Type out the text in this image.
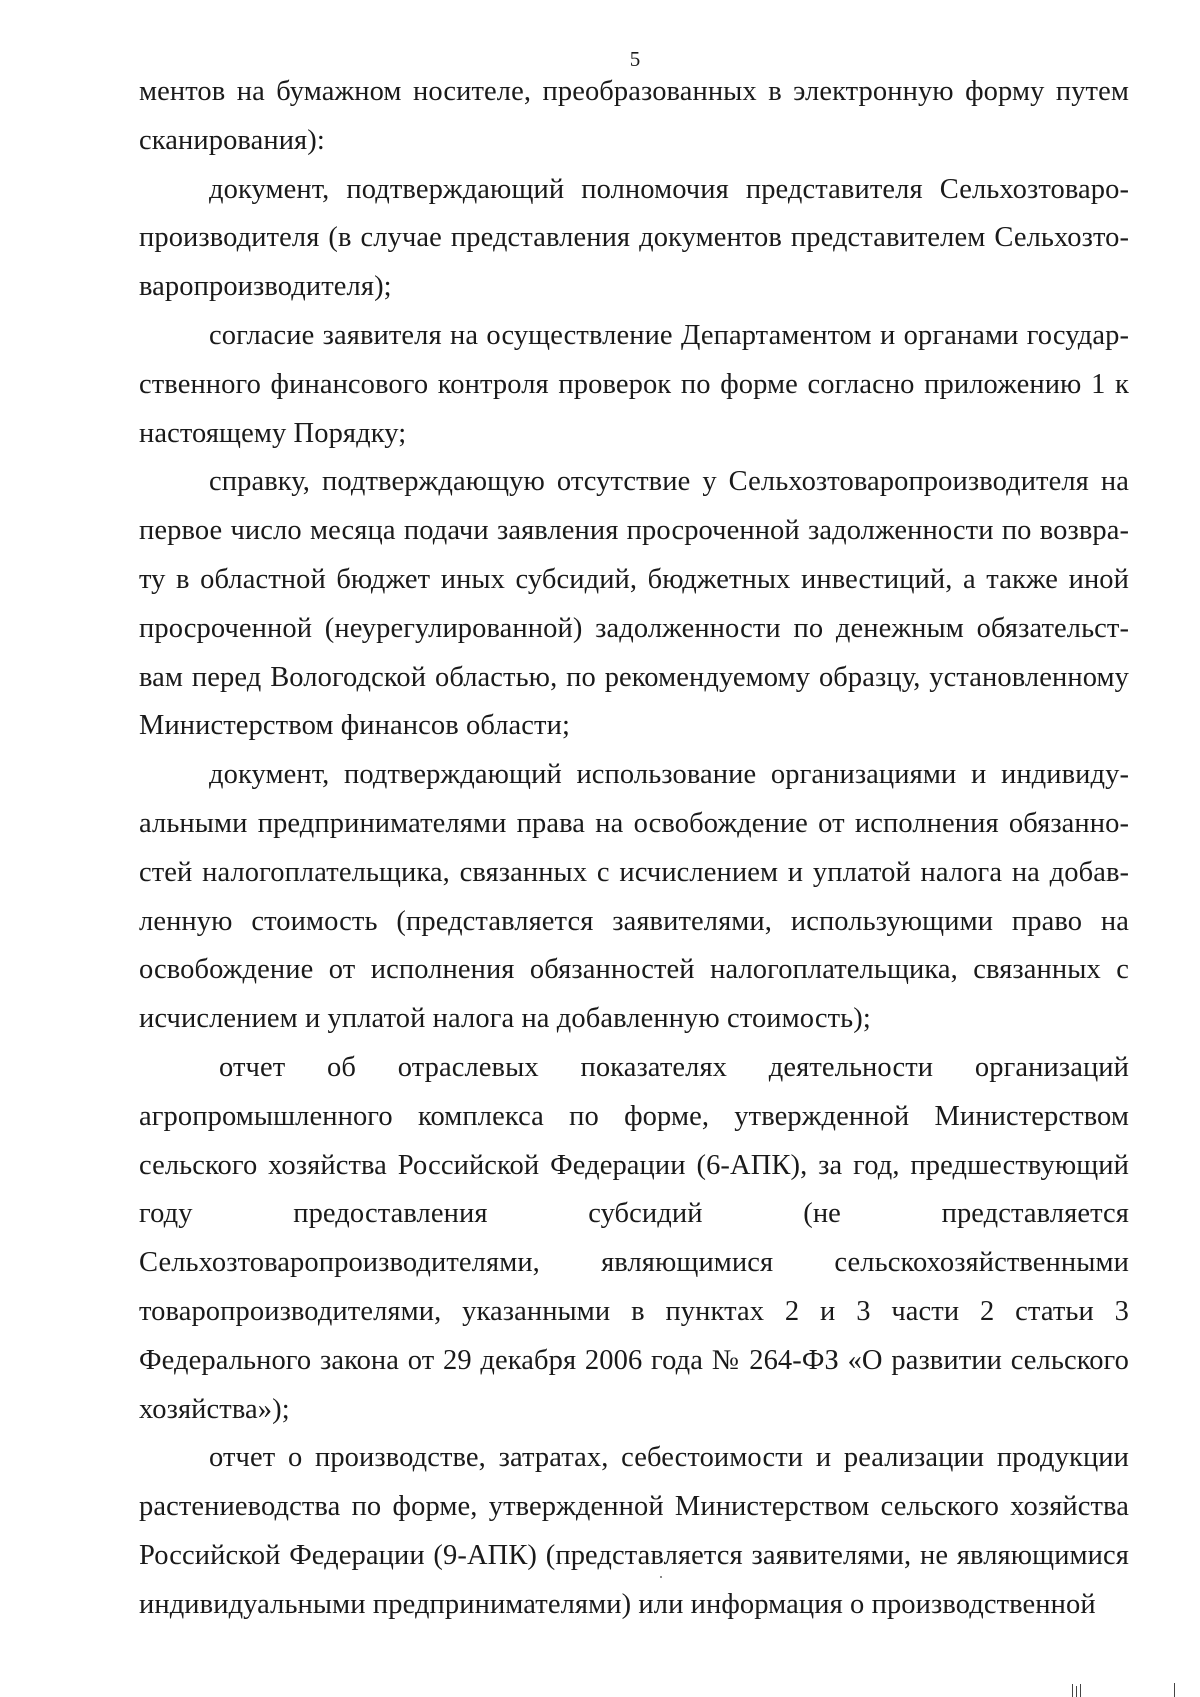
5

ментов на бумажном носителе, преобразованных в электронную форму путем сканирования):

документ, подтверждающий полномочия представителя Сельхозтоваропроизводителя (в случае представления документов представителем Сельхозтоваропроизводителя);

согласие заявителя на осуществление Департаментом и органами государственного финансового контроля проверок по форме согласно приложению 1 к настоящему Порядку;

справку, подтверждающую отсутствие у Сельхозтоваропроизводителя на первое число месяца подачи заявления просроченной задолженности по возврату в областной бюджет иных субсидий, бюджетных инвестиций, а также иной просроченной (неурегулированной) задолженности по денежным обязательствам перед Вологодской областью, по рекомендуемому образцу, установленному Министерством финансов области;

документ, подтверждающий использование организациями и индивидуальными предпринимателями права на освобождение от исполнения обязанностей налогоплательщика, связанных с исчислением и уплатой налога на добавленную стоимость (представляется заявителями, использующими право на освобождение от исполнения обязанностей налогоплательщика, связанных с исчислением и уплатой налога на добавленную стоимость);

отчет об отраслевых показателях деятельности организаций агропромышленного комплекса по форме, утвержденной Министерством сельского хозяйства Российской Федерации (6-АПК), за год, предшествующий году предоставления субсидий (не представляется Сельхозтоваропроизводителями, являющимися сельскохозяйственными товаропроизводителями, указанными в пунктах 2 и 3 части 2 статьи 3 Федерального закона от 29 декабря 2006 года № 264-ФЗ «О развитии сельского хозяйства»);

отчет о производстве, затратах, себестоимости и реализации продукции растениеводства по форме, утвержденной Министерством сельского хозяйства Российской Федерации (9-АПК) (представляется заявителями, не являющимися индивидуальными предпринимателями) или информация о производственной
